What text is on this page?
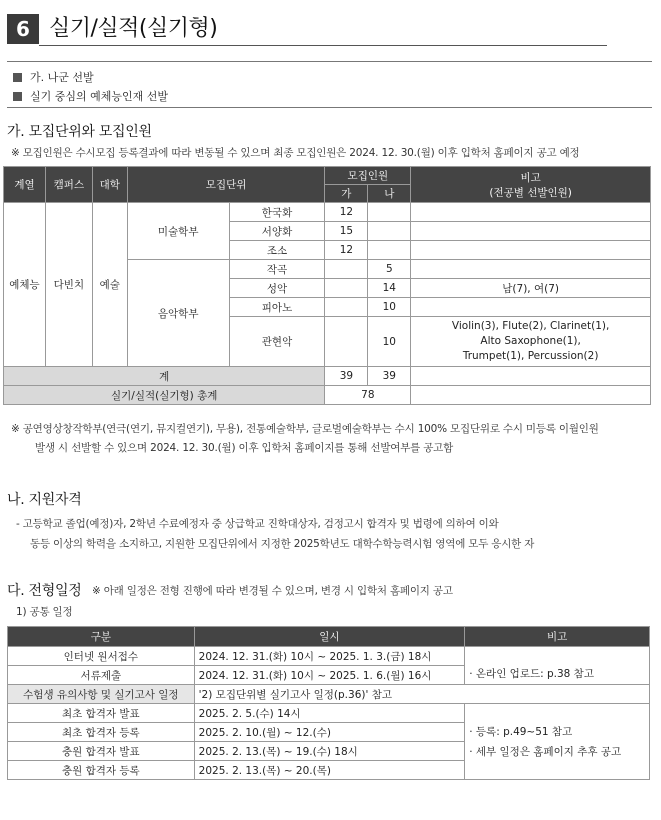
6 실기/실적(실기형)
가. 나군 선발
실기 중심의 예체능인재 선발
가. 모집단위와 모집인원
※ 모집인원은 수시모집 등록결과에 따라 변동될 수 있으며 최종 모집인원은 2024. 12. 30.(월) 이후 입학처 홈페이지 공고 예정
계열	캠퍼스	대학	모집단위		모집인원		비고
(전공별 선발인원)

					가	나	
예체능	다빈치	예술	미술학부	한국화	12		
				서양화	15		
				조소	12		
			음악학부	작곡		5	
				성악		14	남(7), 여(7)
				피아노		10	
				관현악		10	Violin(3), Flute(2), Clarinet(1),
Alto Saxophone(1),
Trumpet(1), Percussion(2)

계					39	39	
실기/실적(실기형) 총계					78		
※ 공연영상창작학부(연극(연기, 뮤지컬연기), 무용), 전통예술학부, 글로벌예술학부는 수시 100% 모집단위로 수시 미등록 이월인원
발생 시 선발할 수 있으며 2024. 12. 30.(월) 이후 입학처 홈페이지를 통해 선발여부를 공고함
나. 지원자격
- 고등학교 졸업(예정)자, 2학년 수료예정자 중 상급학교 진학대상자, 검정고시 합격자 및 법령에 의하여 이와
동등 이상의 학력을 소지하고, 지원한 모집단위에서 지정한 2025학년도 대학수학능력시험 영역에 모두 응시한 자
다. 전형일정 ※ 아래 일정은 전형 진행에 따라 변경될 수 있으며, 변경 시 입학처 홈페이지 공고
1) 공통 일정
구분	일시	비고
인터넷 원서접수	2024. 12. 31.(화) 10시 ~ 2025. 1. 3.(금) 18시	· 온라인 업로드: p.38 참고
서류제출	2024. 12. 31.(화) 10시 ~ 2025. 1. 6.(월) 16시	
수험생 유의사항 및 실기고사 일정	'2) 모집단위별 실기고사 일정(p.36)' 참고	
최초 합격자 발표	2025. 2. 5.(수) 14시	· 등록: p.49~51 참고
· 세부 일정은 홈페이지 추후 공고

최초 합격자 등록	2025. 2. 10.(월) ~ 12.(수)	
충원 합격자 발표	2025. 2. 13.(목) ~ 19.(수) 18시	
충원 합격자 등록	2025. 2. 13.(목) ~ 20.(목)	
